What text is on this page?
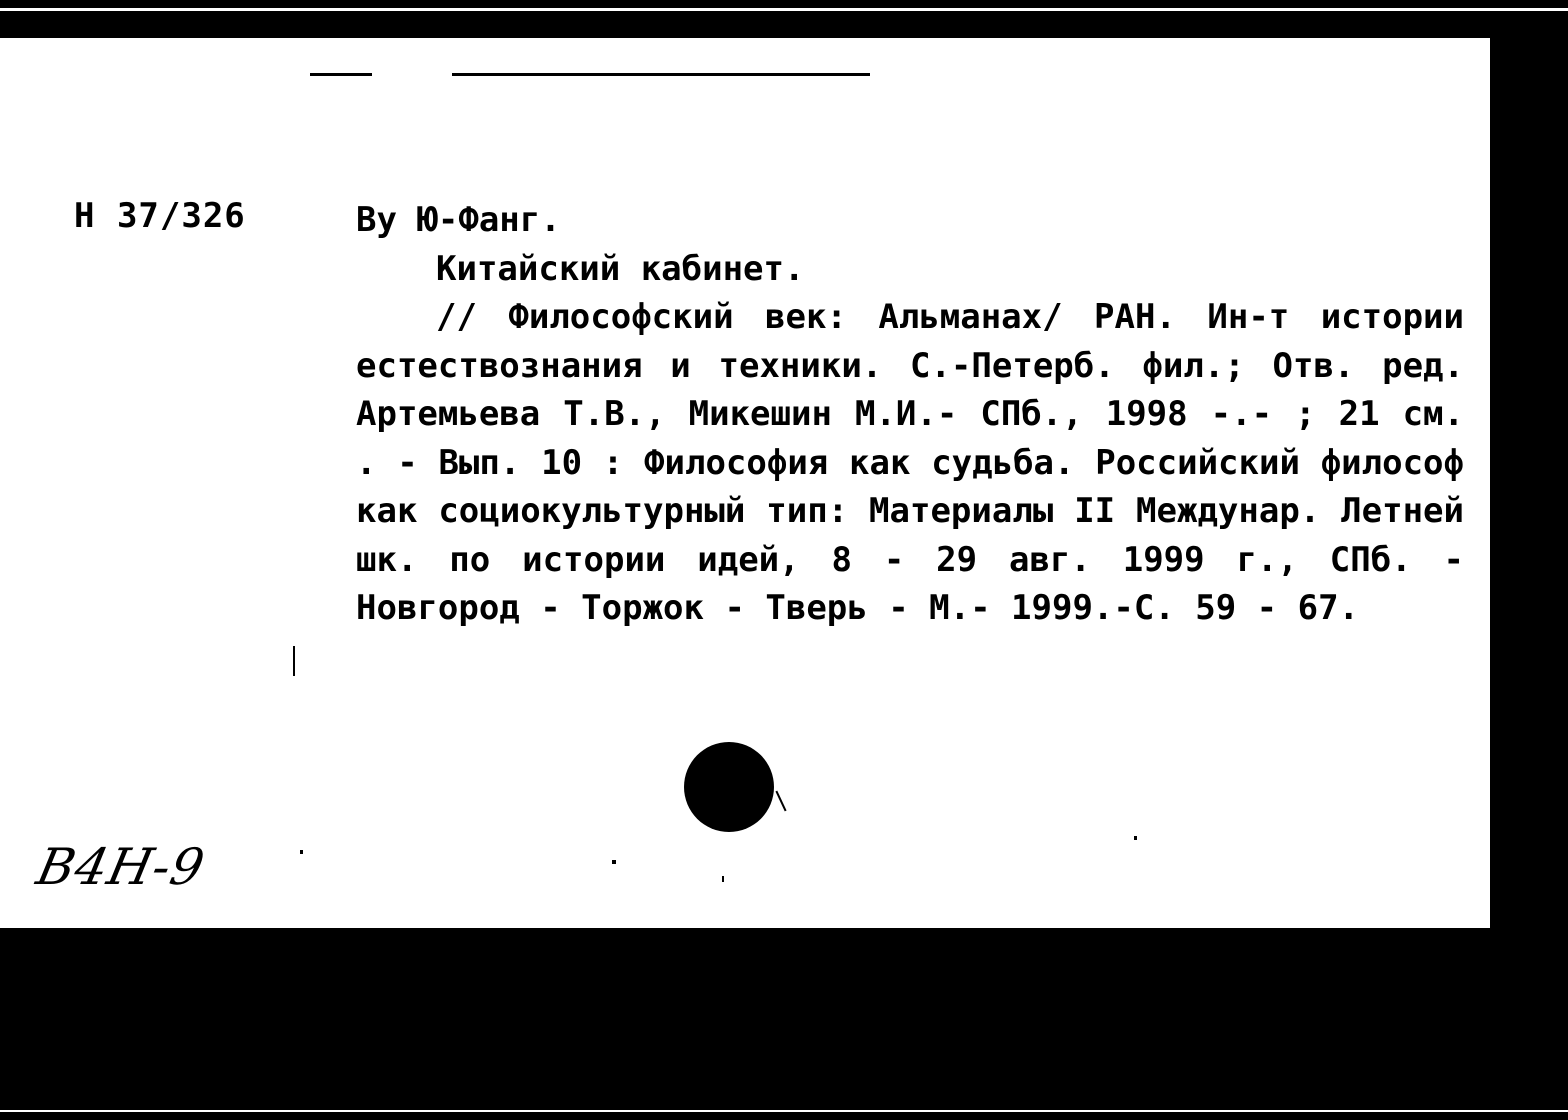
Н 37/326	Ву Ю-Фанг.
Китайский кабинет.
// Философский век: Альманах/ РАН. Ин-т истории естествознания и техники. С.-Петерб. фил.; Отв. ред. Артемьева Т.В., Микешин М.И.- СПб., 1998 -.- ; 21 см. . - Вып. 10 : Философия как судьба. Российский философ как социокультурный тип: Материалы II Междунар. Летней шк. по истории идей, 8 - 29 авг. 1999 г., СПб. - Новгород - Торжок - Тверь - М.- 1999.-С. 59 - 67.
В4Н-9
